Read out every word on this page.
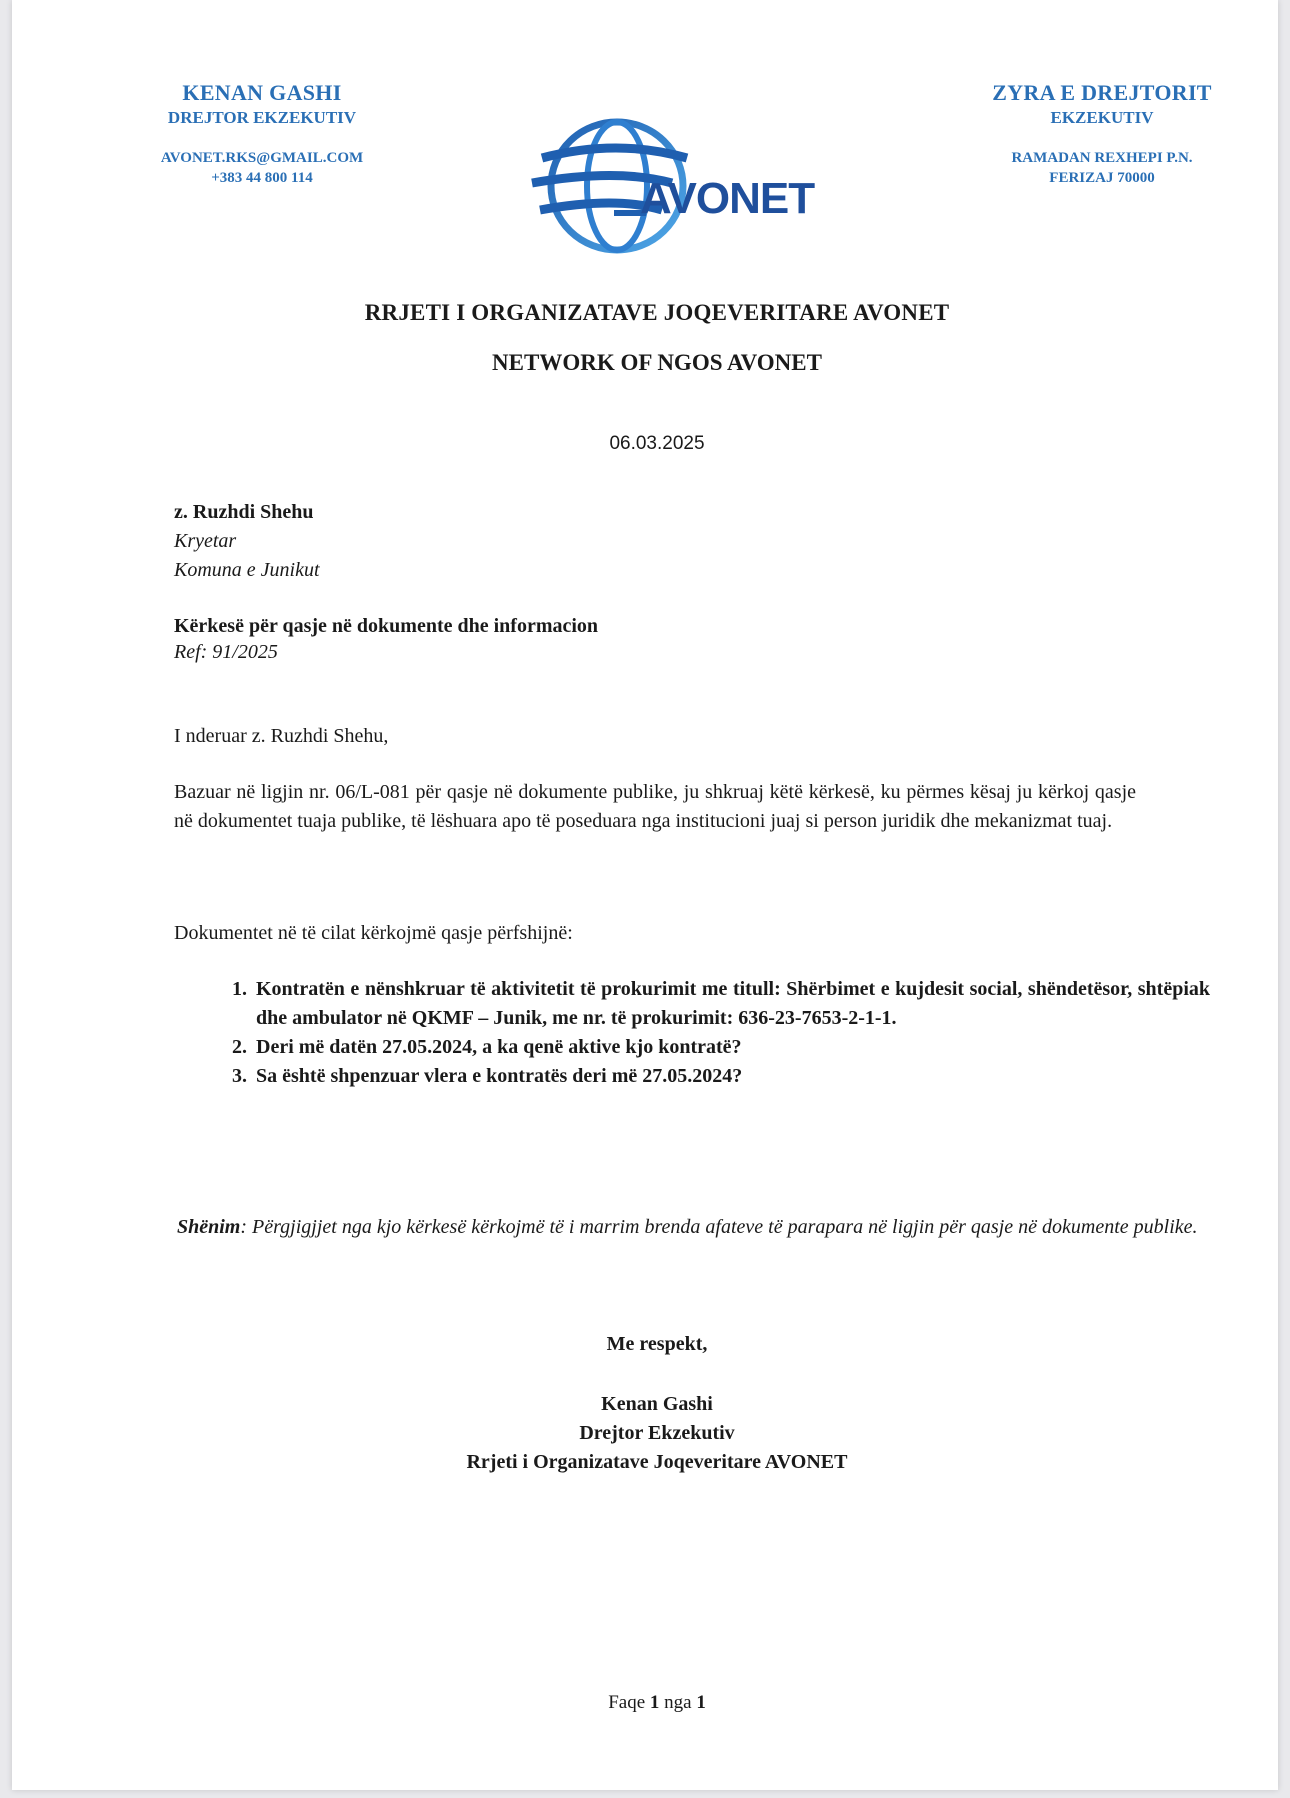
KENAN GASHI
DREJTOR EKZEKUTIV
AVONET.RKS@GMAIL.COM
+383 44 800 114	AVONET
ZYRA E DREJTORIT
EKZEKUTIV
RAMADAN REXHEPI P.N.
FERIZAJ 70000
RRJETI I ORGANIZATAVE JOQEVERITARE AVONET
NETWORK OF NGOS AVONET
06.03.2025
z. Ruzhdi Shehu
Kryetar
Komuna e Junikut
Kërkesë për qasje në dokumente dhe informacion
Ref: 91/2025
I nderuar z. Ruzhdi Shehu,
Bazuar në ligjin nr. 06/L-081 për qasje në dokumente publike, ju shkruaj këtë kërkesë, ku përmes kësaj ju kërkoj qasje në dokumentet tuaja publike, të lëshuara apo të poseduara nga institucioni juaj si person juridik dhe mekanizmat tuaj.
Dokumentet në të cilat kërkojmë qasje përfshijnë:
1. Kontratën e nënshkruar të aktivitetit të prokurimit me titull: Shërbimet e kujdesit social, shëndetësor, shtëpiak dhe ambulator në QKMF – Junik, me nr. të prokurimit: 636-23-7653-2-1-1.
2. Deri më datën 27.05.2024, a ka qenë aktive kjo kontratë?
3. Sa është shpenzuar vlera e kontratës deri më 27.05.2024?
Shënim: Përgjigjjet nga kjo kërkesë kërkojmë të i marrim brenda afateve të parapara në ligjin për qasje në dokumente publike.
Me respekt,
Kenan Gashi
Drejtor Ekzekutiv
Rrjeti i Organizatave Joqeveritare AVONET
Faqe 1 nga 1
